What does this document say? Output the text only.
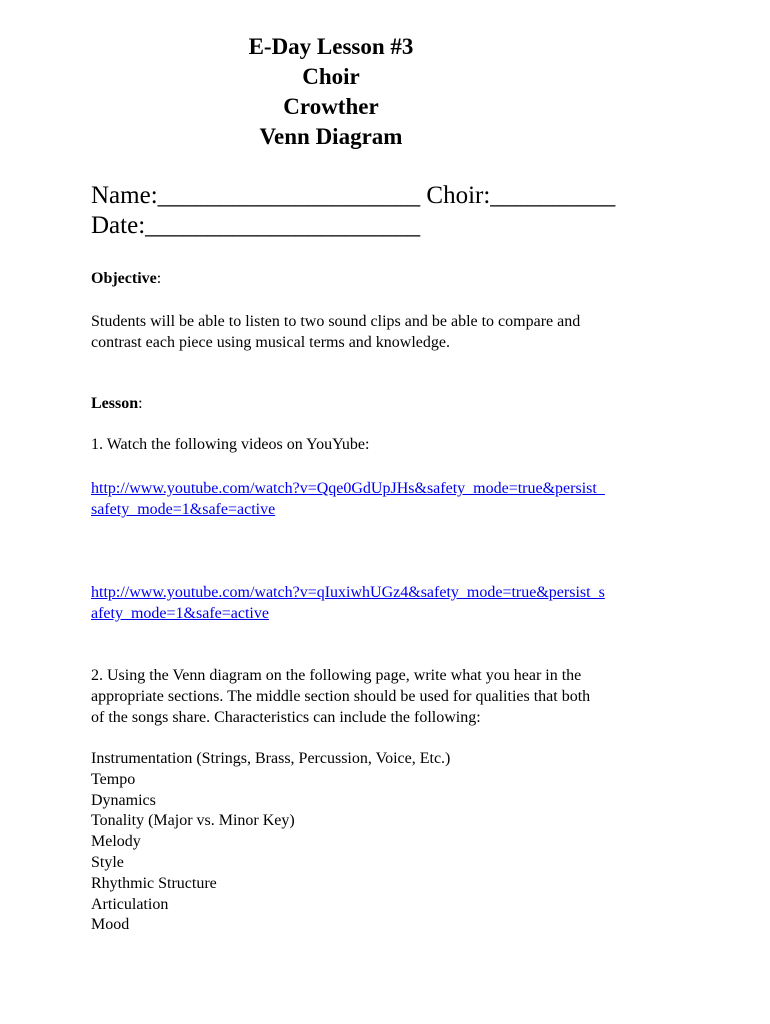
E-Day Lesson #3
Choir
Crowther
Venn Diagram
Name:_____________________ Choir:__________
Date:______________________
Objective:
Students will be able to listen to two sound clips and be able to compare and
contrast each piece using musical terms and knowledge.
Lesson:
1. Watch the following videos on YouYube:
http://www.youtube.com/watch?v=Qqe0GdUpJHs&safety_mode=true&persist_
safety_mode=1&safe=active
http://www.youtube.com/watch?v=qIuxiwhUGz4&safety_mode=true&persist_s
afety_mode=1&safe=active
2. Using the Venn diagram on the following page, write what you hear in the
appropriate sections. The middle section should be used for qualities that both
of the songs share. Characteristics can include the following:
Instrumentation (Strings, Brass, Percussion, Voice, Etc.)
Tempo
Dynamics
Tonality (Major vs. Minor Key)
Melody
Style
Rhythmic Structure
Articulation
Mood
